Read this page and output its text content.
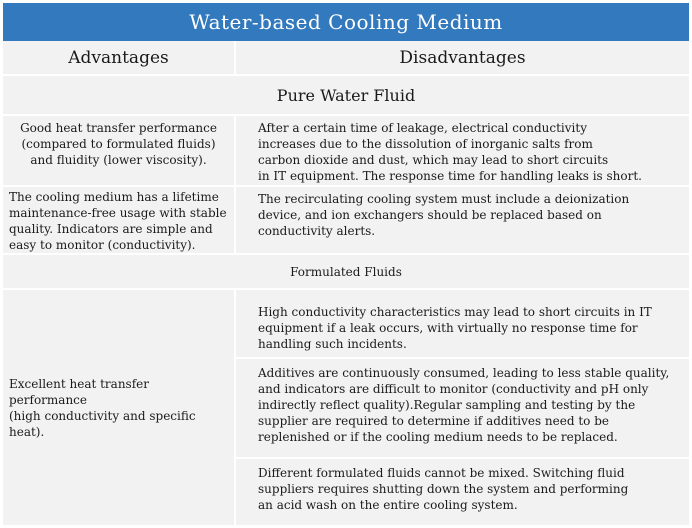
Water-based Cooling Medium
Advantages	Disadvantages
Pure Water Fluid

Good heat transfer performance

(compared to formulated fluids)

and fluidity (lower viscosity).

After a certain time of leakage, electrical conductivity

increases due to the dissolution of inorganic salts from

carbon dioxide and dust, which may lead to short circuits

in IT equipment. The response time for handling leaks is short.

The cooling medium has a lifetime

maintenance-free usage with stable

quality. Indicators are simple and

easy to monitor (conductivity).

The recirculating cooling system must include a deionization

device, and ion exchangers should be replaced based on

conductivity alerts.

Formulated Fluids

Excellent heat transfer performance

(high conductivity and specific heat).

High conductivity characteristics may lead to short circuits in IT

equipment if a leak occurs, with virtually no response time for

handling such incidents.

Additives are continuously consumed, leading to less stable quality,

and indicators are difficult to monitor (conductivity and pH only

indirectly reflect quality).Regular sampling and testing by the

supplier are required to determine if additives need to be

replenished or if the cooling medium needs to be replaced.

Different formulated fluids cannot be mixed. Switching fluid

suppliers requires shutting down the system and performing

an acid wash on the entire cooling system.
